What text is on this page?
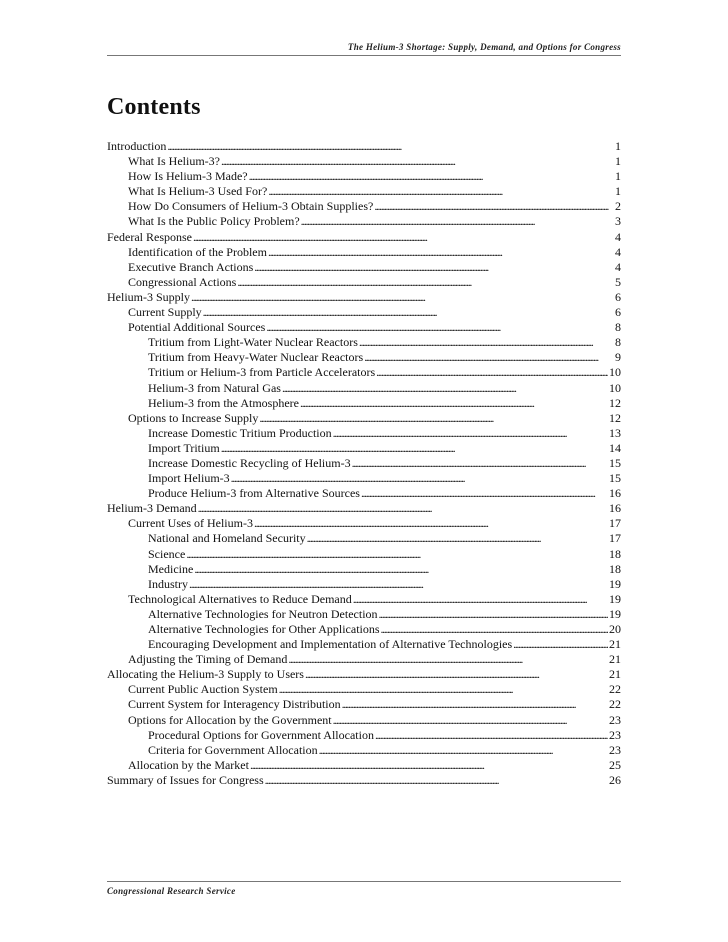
The Helium-3 Shortage: Supply, Demand, and Options for Congress
Contents
Introduction . . .	1
What Is Helium-3? . . .	1
How Is Helium-3 Made? . . .	1
What Is Helium-3 Used For? . . .	1
How Do Consumers of Helium-3 Obtain Supplies? . . .	2
What Is the Public Policy Problem? . . .	3
Federal Response . . .	4
Identification of the Problem . . .	4
Executive Branch Actions . . .	4
Congressional Actions . . .	5
Helium-3 Supply . . .	6
Current Supply . . .	6
Potential Additional Sources . . .	8
Tritium from Light-Water Nuclear Reactors . . .	8
Tritium from Heavy-Water Nuclear Reactors . . .	9
Tritium or Helium-3 from Particle Accelerators . . .	10
Helium-3 from Natural Gas . . .	10
Helium-3 from the Atmosphere . . .	12
Options to Increase Supply . . .	12
Increase Domestic Tritium Production . . .	13
Import Tritium . . .	14
Increase Domestic Recycling of Helium-3 . . .	15
Import Helium-3 . . .	15
Produce Helium-3 from Alternative Sources . . .	16
Helium-3 Demand . . .	16
Current Uses of Helium-3 . . .	17
National and Homeland Security . . .	17
Science . . .	18
Medicine . . .	18
Industry . . .	19
Technological Alternatives to Reduce Demand . . .	19
Alternative Technologies for Neutron Detection . . .	19
Alternative Technologies for Other Applications . . .	20
Encouraging Development and Implementation of Alternative Technologies . . .	21
Adjusting the Timing of Demand . . .	21
Allocating the Helium-3 Supply to Users . . .	21
Current Public Auction System . . .	22
Current System for Interagency Distribution . . .	22
Options for Allocation by the Government . . .	23
Procedural Options for Government Allocation . . .	23
Criteria for Government Allocation . . .	23
Allocation by the Market . . .	25
Summary of Issues for Congress . . .	26
Congressional Research Service
